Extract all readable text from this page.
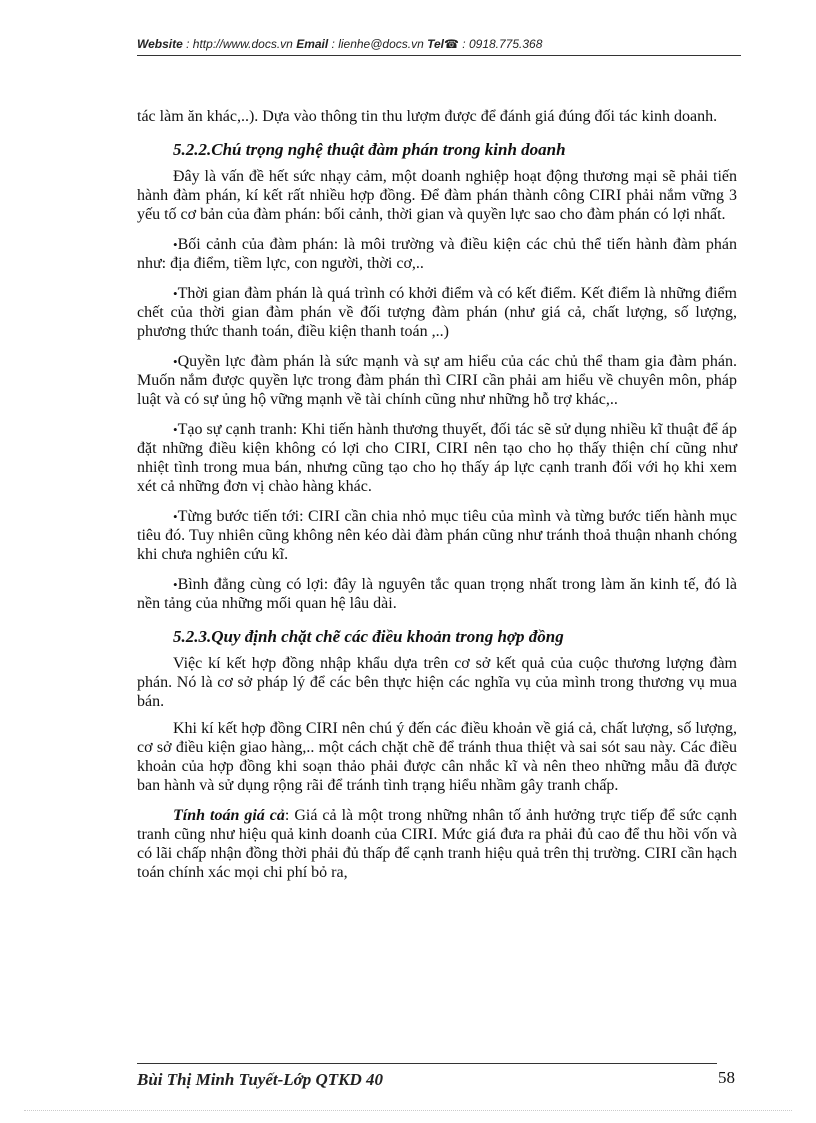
Website : http://www.docs.vn Email : lienhe@docs.vn Tel☎ : 0918.775.368

tác làm ăn khác,..). Dựa vào thông tin thu lượm được để đánh giá đúng đối tác kinh doanh.

5.2.2.Chú trọng nghệ thuật đàm phán trong kinh doanh

Đây là vấn đề hết sức nhạy cảm, một doanh nghiệp hoạt động thương mại sẽ phải tiến hành đàm phán, kí kết rất nhiều hợp đồng. Để đàm phán thành công CIRI phải nắm vững 3 yếu tố cơ bản của đàm phán: bối cảnh, thời gian và quyền lực sao cho đàm phán có lợi nhất.

•Bối cảnh của đàm phán: là môi trường và điều kiện các chủ thể tiến hành đàm phán như: địa điểm, tiềm lực, con người, thời cơ,..

•Thời gian đàm phán là quá trình có khởi điểm và có kết điểm. Kết điểm là những điểm chết của thời gian đàm phán về đối tượng đàm phán (như giá cả, chất lượng, số lượng, phương thức thanh toán, điều kiện thanh toán ,..)

•Quyền lực đàm phán là sức mạnh và sự am hiểu của các chủ thể tham gia đàm phán. Muốn nắm được quyền lực trong đàm phán thì CIRI cần phải am hiểu về chuyên môn, pháp luật và có sự ủng hộ vững mạnh về tài chính cũng như những hỗ trợ khác,..

•Tạo sự cạnh tranh: Khi tiến hành thương thuyết, đối tác sẽ sử dụng nhiều kĩ thuật để áp đặt những điều kiện không có lợi cho CIRI, CIRI nên tạo cho họ thấy thiện chí cũng như nhiệt tình trong mua bán, nhưng cũng tạo cho họ thấy áp lực cạnh tranh đối với họ khi xem xét cả những đơn vị chào hàng khác.

•Từng bước tiến tới: CIRI cần chia nhỏ mục tiêu của mình và từng bước tiến hành mục tiêu đó. Tuy nhiên cũng không nên kéo dài đàm phán cũng như tránh thoả thuận nhanh chóng khi chưa nghiên cứu kĩ.

•Bình đẳng cùng có lợi: đây là nguyên tắc quan trọng nhất trong làm ăn kinh tế, đó là nền tảng của những mối quan hệ lâu dài.

5.2.3.Quy định chặt chẽ các điều khoản trong hợp đồng

Việc kí kết hợp đồng nhập khẩu dựa trên cơ sở kết quả của cuộc thương lượng đàm phán. Nó là cơ sở pháp lý để các bên thực hiện các nghĩa vụ của mình trong thương vụ mua bán.

Khi kí kết hợp đồng CIRI nên chú ý đến các điều khoản về giá cả, chất lượng, số lượng, cơ sở điều kiện giao hàng,.. một cách chặt chẽ để tránh thua thiệt và sai sót sau này. Các điều khoản của hợp đồng khi soạn thảo phải được cân nhắc kĩ và nên theo những mẫu đã được ban hành và sử dụng rộng rãi để tránh tình trạng hiểu nhầm gây tranh chấp.

Tính toán giá cả: Giá cả là một trong những nhân tố ảnh hưởng trực tiếp để sức cạnh tranh cũng như hiệu quả kinh doanh của CIRI. Mức giá đưa ra phải đủ cao để thu hồi vốn và có lãi chấp nhận đồng thời phải đủ thấp để cạnh tranh hiệu quả trên thị trường. CIRI cần hạch toán chính xác mọi chi phí bỏ ra,

Bùi Thị Minh Tuyết-Lớp QTKD 40	58
